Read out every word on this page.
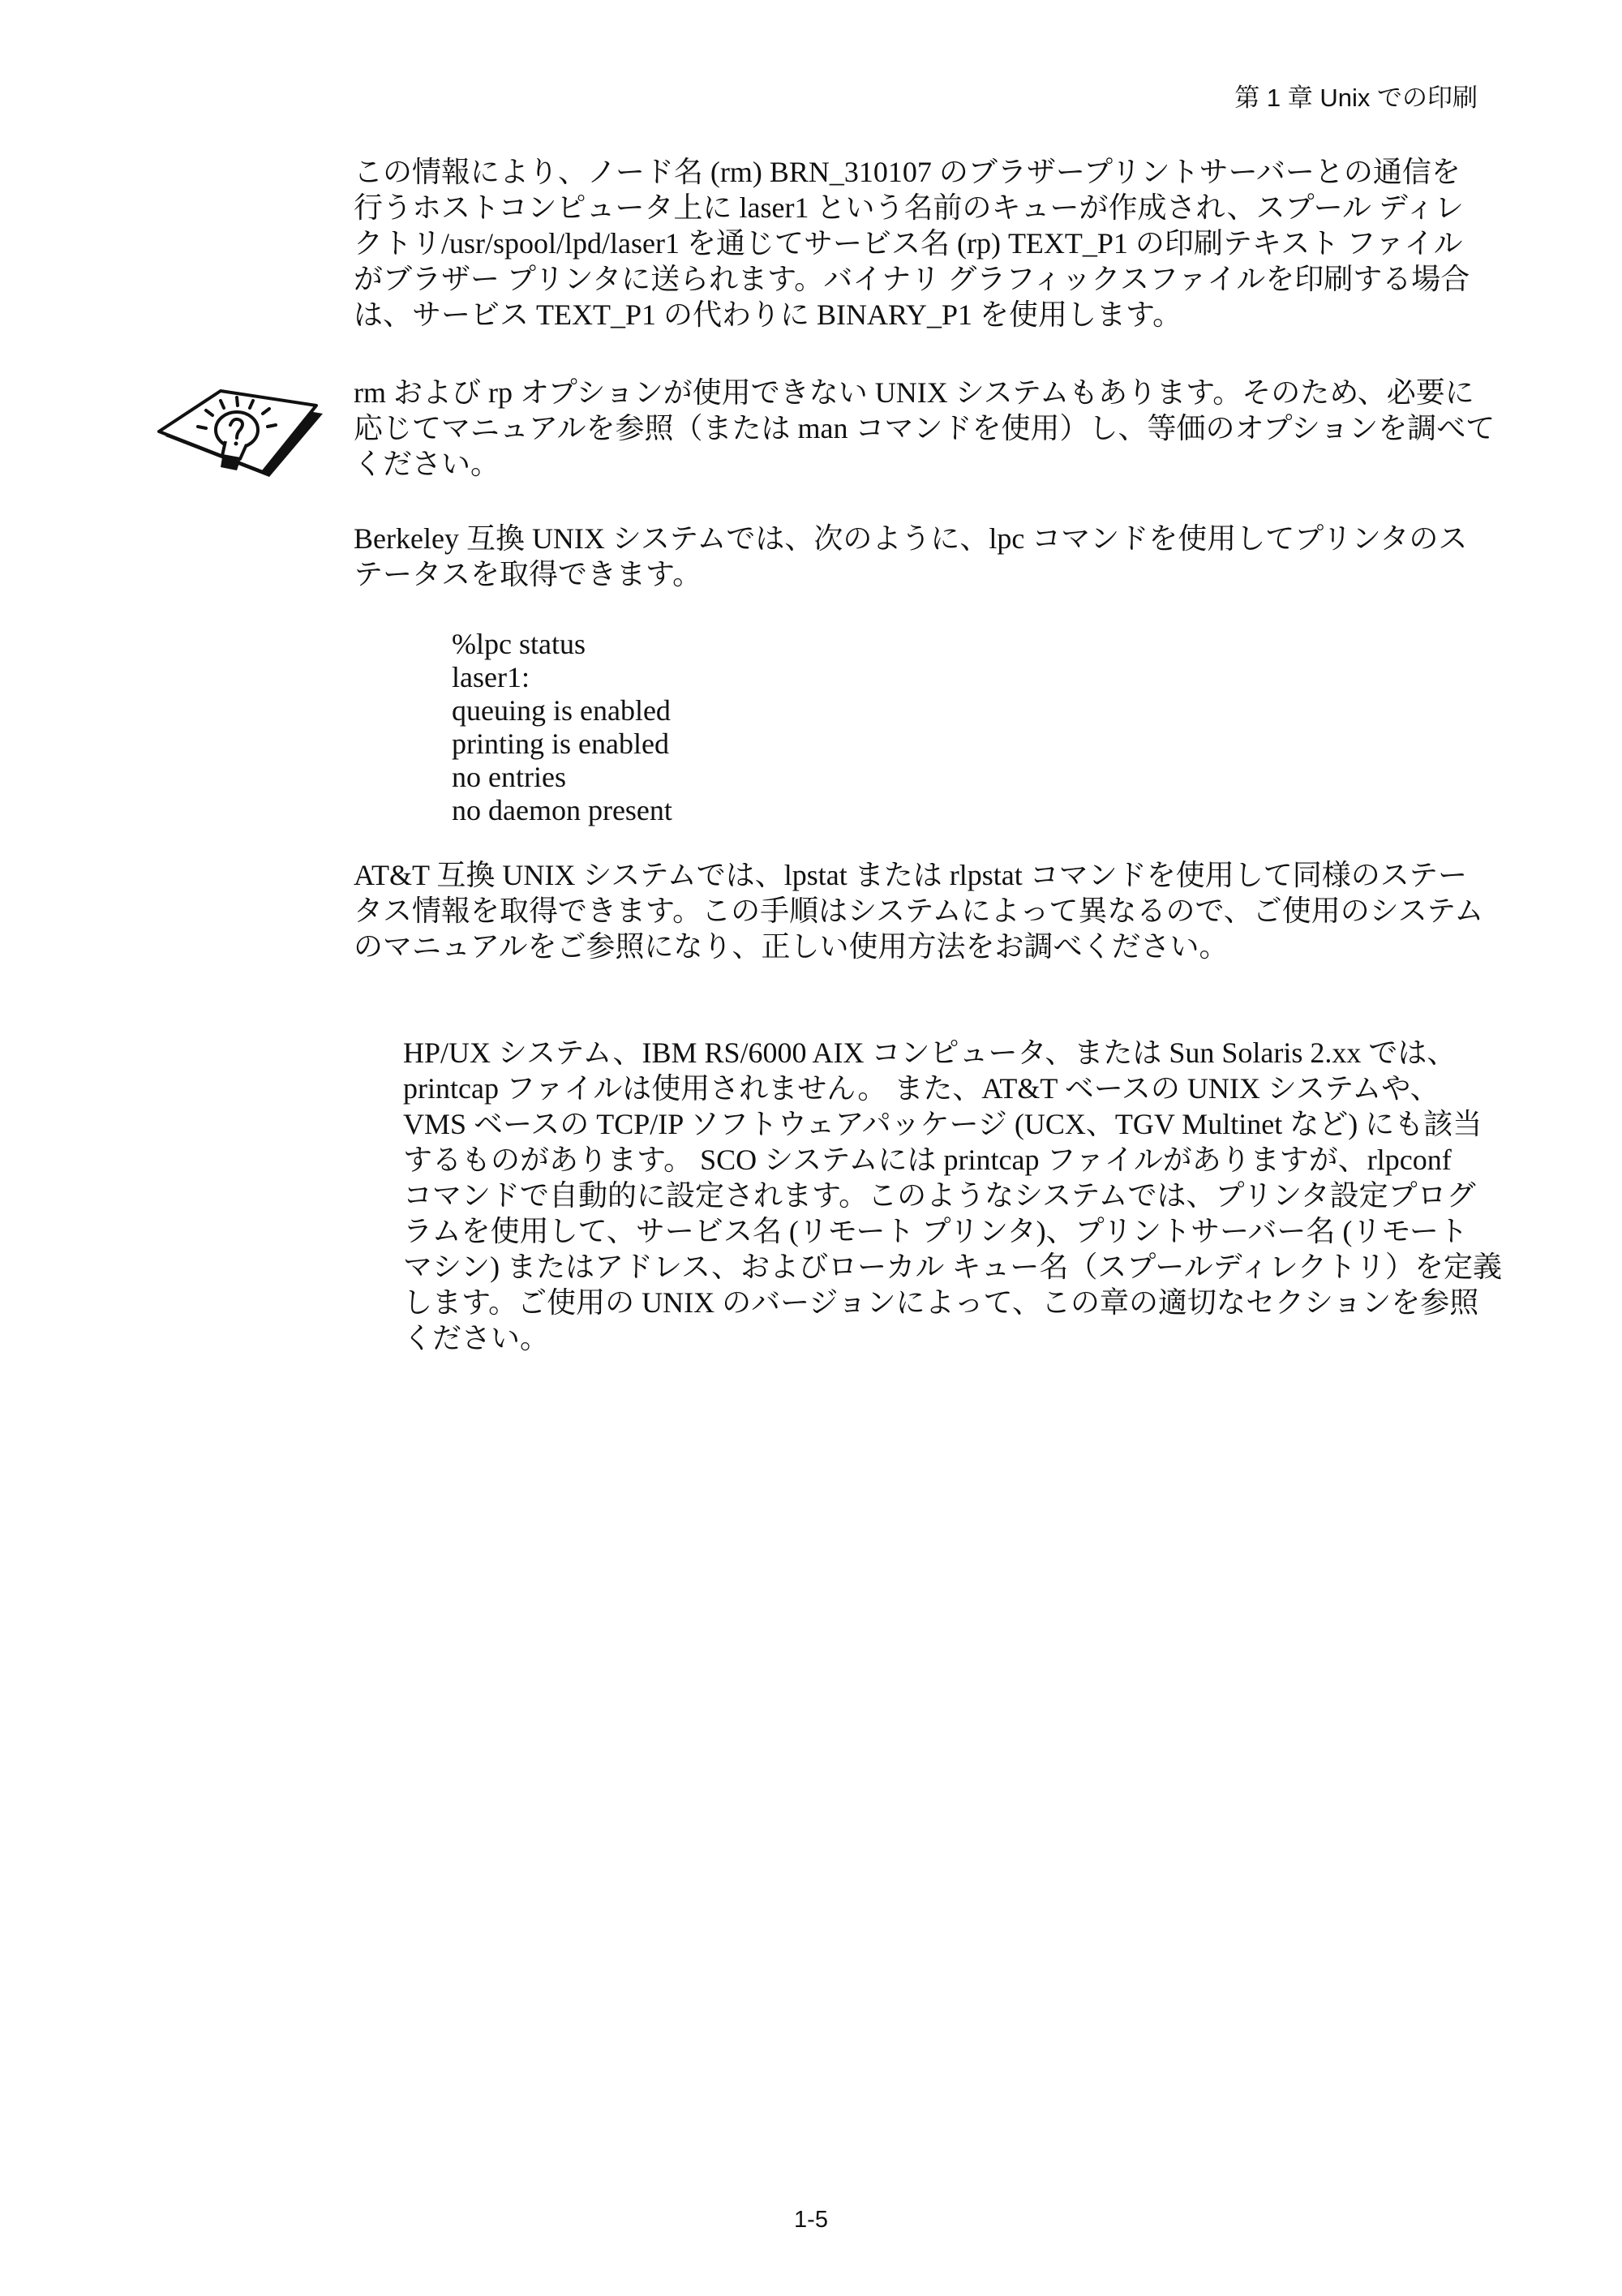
第 1 章 Unix での印刷
この情報により、ノード名 (rm) BRN_310107 のブラザープリントサーバーとの通信を
行うホストコンピュータ上に laser1 という名前のキューが作成され、スプール ディレ
クトリ/usr/spool/lpd/laser1 を通じてサービス名 (rp) TEXT_P1 の印刷テキスト ファイル
がブラザー プリンタに送られます。バイナリ グラフィックスファイルを印刷する場合
は、サービス TEXT_P1 の代わりに BINARY_P1 を使用します。
rm および rp オプションが使用できない UNIX システムもあります。そのため、必要に
応じてマニュアルを参照（または man コマンドを使用）し、等価のオプションを調べて
ください。
Berkeley 互換 UNIX システムでは、次のように、lpc コマンドを使用してプリンタのス
テータスを取得できます。
%lpc status
laser1:
queuing is enabled
printing is enabled
no entries
no daemon present
AT&T 互換 UNIX システムでは、lpstat または rlpstat コマンドを使用して同様のステー
タス情報を取得できます。この手順はシステムによって異なるので、ご使用のシステム
のマニュアルをご参照になり、正しい使用方法をお調べください。
HP/UX システム、IBM RS/6000 AIX コンピュータ、または Sun Solaris 2.xx では、
printcap ファイルは使用されません。 また、AT&T ベースの UNIX システムや、
VMS ベースの TCP/IP ソフトウェアパッケージ (UCX、TGV Multinet など) にも該当
するものがあります。 SCO システムには printcap ファイルがありますが、rlpconf
コマンドで自動的に設定されます。このようなシステムでは、プリンタ設定プログ
ラムを使用して、サービス名 (リモート プリンタ)、プリントサーバー名 (リモート
マシン) またはアドレス、およびローカル キュー名（スプールディレクトリ）を定義
します。ご使用の UNIX のバージョンによって、この章の適切なセクションを参照
ください。
1-5
